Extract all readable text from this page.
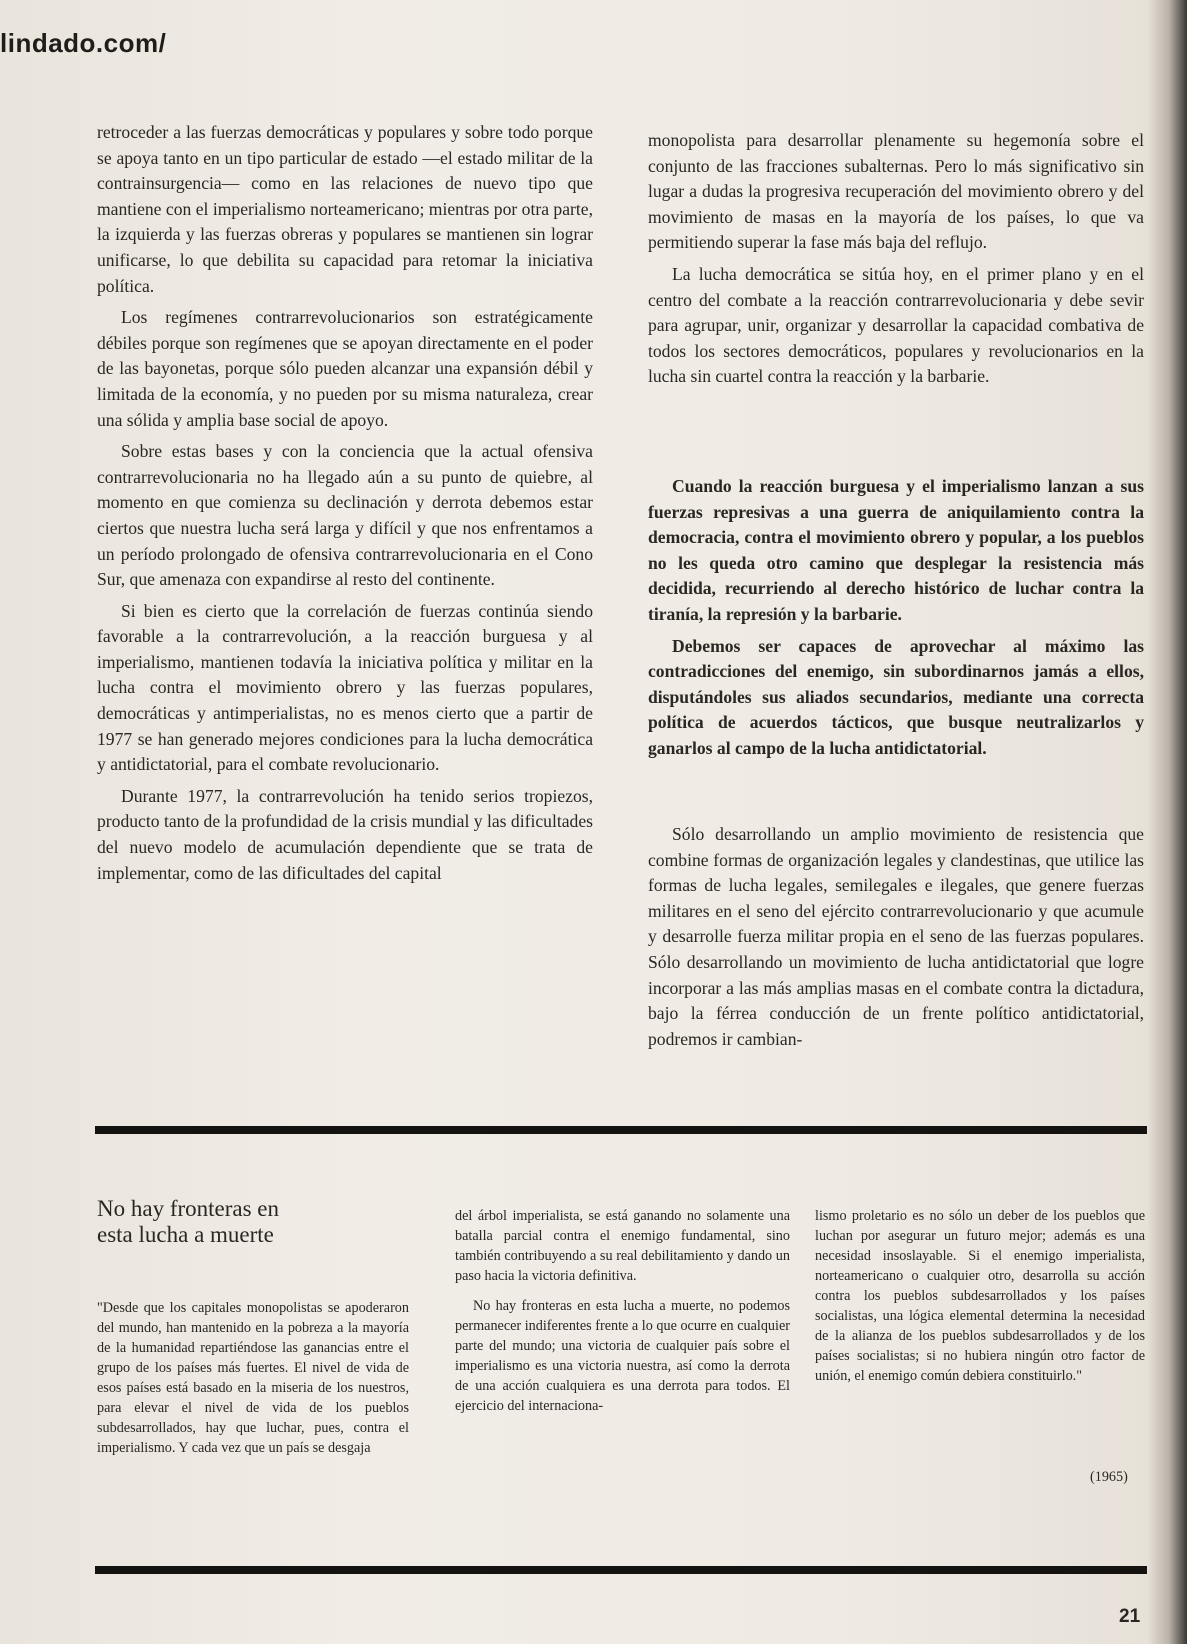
lindado.com/

retroceder a las fuerzas democráticas y populares y sobre todo porque se apoya tanto en un tipo particular de estado —el estado militar de la contrainsurgencia— como en las relaciones de nuevo tipo que mantiene con el imperialismo norteamericano; mientras por otra parte, la izquierda y las fuerzas obreras y populares se mantienen sin lograr unificarse, lo que debilita su capacidad para retomar la iniciativa política.

Los regímenes contrarrevolucionarios son estratégicamente débiles porque son regímenes que se apoyan directamente en el poder de las bayonetas, porque sólo pueden alcanzar una expansión débil y limitada de la economía, y no pueden por su misma naturaleza, crear una sólida y amplia base social de apoyo.

Sobre estas bases y con la conciencia que la actual ofensiva contrarrevolucionaria no ha llegado aún a su punto de quiebre, al momento en que comienza su declinación y derrota debemos estar ciertos que nuestra lucha será larga y difícil y que nos enfrentamos a un período prolongado de ofensiva contrarrevolucionaria en el Cono Sur, que amenaza con expandirse al resto del continente.

Si bien es cierto que la correlación de fuerzas continúa siendo favorable a la contrarrevolución, a la reacción burguesa y al imperialismo, mantienen todavía la iniciativa política y militar en la lucha contra el movimiento obrero y las fuerzas populares, democráticas y antimperialistas, no es menos cierto que a partir de 1977 se han generado mejores condiciones para la lucha democrática y antidictatorial, para el combate revolucionario.

Durante 1977, la contrarrevolución ha tenido serios tropiezos, producto tanto de la profundidad de la crisis mundial y las dificultades del nuevo modelo de acumulación dependiente que se trata de implementar, como de las dificultades del capital

monopolista para desarrollar plenamente su hegemonía sobre el conjunto de las fracciones subalternas. Pero lo más significativo sin lugar a dudas la progresiva recuperación del movimiento obrero y del movimiento de masas en la mayoría de los países, lo que va permitiendo superar la fase más baja del reflujo.

La lucha democrática se sitúa hoy, en el primer plano y en el centro del combate a la reacción contrarrevolucionaria y debe sevir para agrupar, unir, organizar y desarrollar la capacidad combativa de todos los sectores democráticos, populares y revolucionarios en la lucha sin cuartel contra la reacción y la barbarie.

Cuando la reacción burguesa y el imperialismo lanzan a sus fuerzas represivas a una guerra de aniquilamiento contra la democracia, contra el movimiento obrero y popular, a los pueblos no les queda otro camino que desplegar la resistencia más decidida, recurriendo al derecho histórico de luchar contra la tiranía, la represión y la barbarie.

Debemos ser capaces de aprovechar al máximo las contradicciones del enemigo, sin subordinarnos jamás a ellos, disputándoles sus aliados secundarios, mediante una correcta política de acuerdos tácticos, que busque neutralizarlos y ganarlos al campo de la lucha antidictatorial.

Sólo desarrollando un amplio movimiento de resistencia que combine formas de organización legales y clandestinas, que utilice las formas de lucha legales, semilegales e ilegales, que genere fuerzas militares en el seno del ejército contrarrevolucionario y que acumule y desarrolle fuerza militar propia en el seno de las fuerzas populares. Sólo desarrollando un movimiento de lucha antidictatorial que logre incorporar a las más amplias masas en el combate contra la dictadura, bajo la férrea conducción de un frente político antidictatorial, podremos ir cambian-

No hay fronteras en esta lucha a muerte

"Desde que los capitales monopolistas se apoderaron del mundo, han mantenido en la pobreza a la mayoría de la humanidad repartiéndose las ganancias entre el grupo de los países más fuertes. El nivel de vida de esos países está basado en la miseria de los nuestros, para elevar el nivel de vida de los pueblos subdesarrollados, hay que luchar, pues, contra el imperialismo. Y cada vez que un país se desgaja

del árbol imperialista, se está ganando no solamente una batalla parcial contra el enemigo fundamental, sino también contribuyendo a su real debilitamiento y dando un paso hacia la victoria definitiva.

No hay fronteras en esta lucha a muerte, no podemos permanecer indiferentes frente a lo que ocurre en cualquier parte del mundo; una victoria de cualquier país sobre el imperialismo es una victoria nuestra, así como la derrota de una acción cualquiera es una derrota para todos. El ejercicio del internaciona-

lismo proletario es no sólo un deber de los pueblos que luchan por asegurar un futuro mejor; además es una necesidad insoslayable. Si el enemigo imperialista, norteamericano o cualquier otro, desarrolla su acción contra los pueblos subdesarrollados y los países socialistas, una lógica elemental determina la necesidad de la alianza de los pueblos subdesarrollados y de los países socialistas; si no hubiera ningún otro factor de unión, el enemigo común debiera constituirlo."

(1965)
21
